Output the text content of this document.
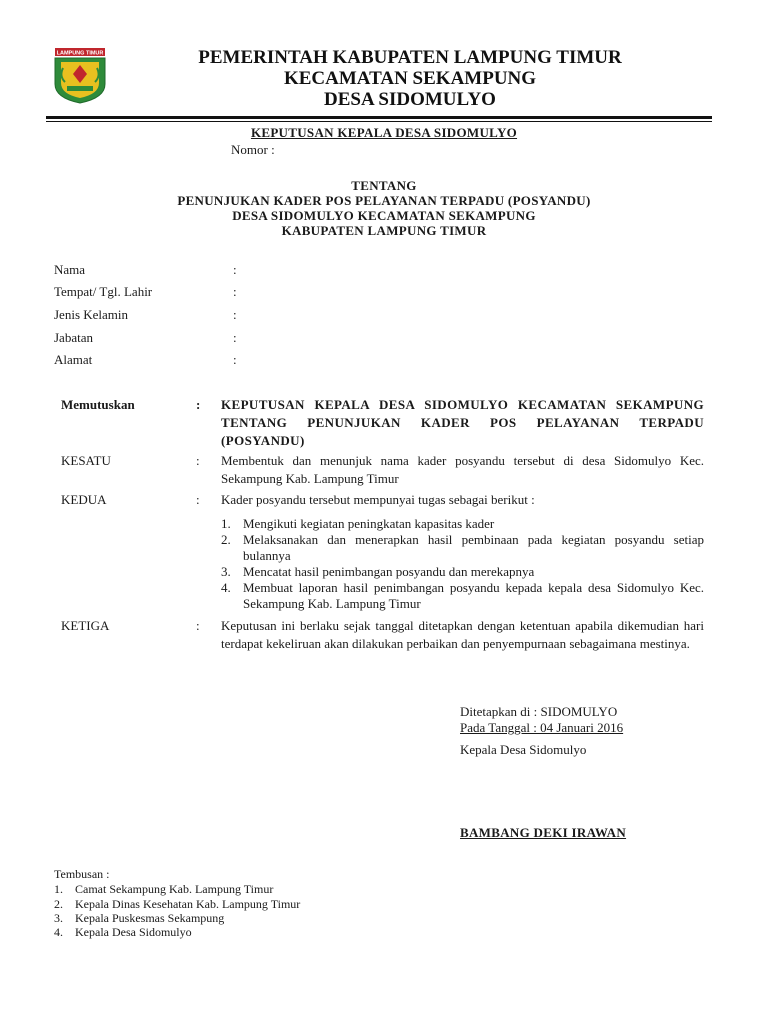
LAMPUNG TIMUR	PEMERINTAH KABUPATEN LAMPUNG TIMUR
KECAMATAN SEKAMPUNG
DESA SIDOMULYO
KEPUTUSAN KEPALA DESA SIDOMULYO
Nomor :
TENTANG
PENUNJUKAN KADER POS PELAYANAN TERPADU (POSYANDU)
DESA SIDOMULYO KECAMATAN SEKAMPUNG
KABUPATEN LAMPUNG TIMUR
Nama	:
Tempat/ Tgl. Lahir	:
Jenis Kelamin	:
Jabatan	:
Alamat	:
Memutuskan	: KEPUTUSAN KEPALA DESA SIDOMULYO KECAMATAN SEKAMPUNG TENTANG PENUNJUKAN KADER POS PELAYANAN TERPADU (POSYANDU)
KESATU	: Membentuk dan menunjuk nama kader posyandu tersebut di desa Sidomulyo Kec. Sekampung Kab. Lampung Timur
KEDUA	: Kader posyandu tersebut mempunyai tugas sebagai berikut :
1. Mengikuti kegiatan peningkatan kapasitas kader
2. Melaksanakan dan menerapkan hasil pembinaan pada kegiatan posyandu setiap bulannya
3. Mencatat hasil penimbangan posyandu dan merekapnya
4. Membuat laporan hasil penimbangan posyandu kepada kepala desa Sidomulyo Kec. Sekampung Kab. Lampung Timur
KETIGA	: Keputusan ini berlaku sejak tanggal ditetapkan dengan ketentuan apabila dikemudian hari terdapat kekeliruan akan dilakukan perbaikan dan penyempurnaan sebagaimana mestinya.
Ditetapkan di : SIDOMULYO
Pada Tanggal : 04 Januari 2016
Kepala Desa Sidomulyo
BAMBANG DEKI IRAWAN
Tembusan :
1. Camat Sekampung Kab. Lampung Timur
2. Kepala Dinas Kesehatan Kab. Lampung Timur
3. Kepala Puskesmas Sekampung
4. Kepala Desa Sidomulyo
